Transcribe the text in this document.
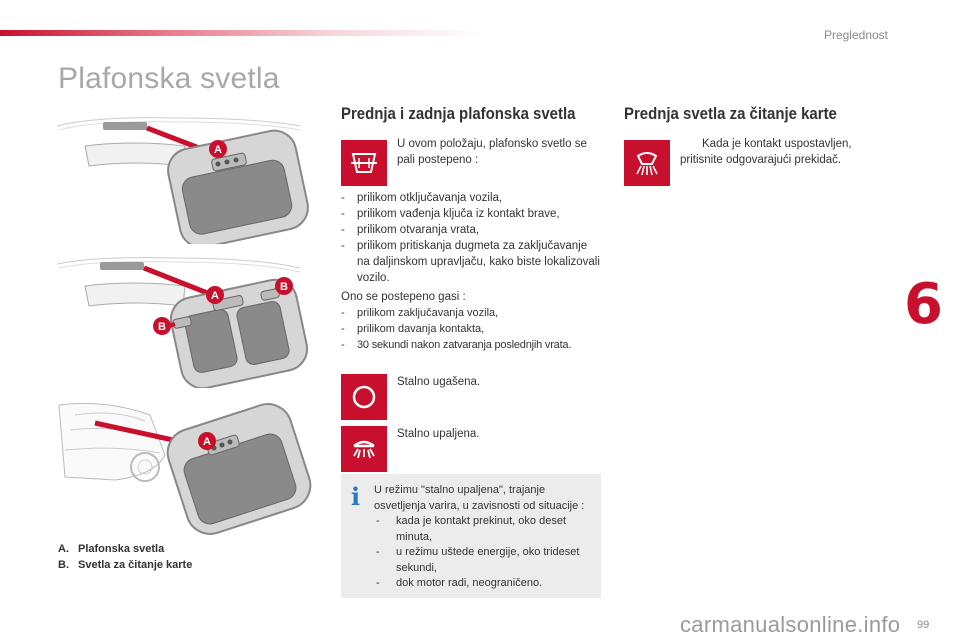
Preglednost
Plafonska svetla
A
A
B
B
A
A. Plafonska svetla
B. Svetla za čitanje karte
Prednja i zadnja plafonska svetla
U ovom položaju, plafonsko svetlo se pali postepeno :
- prilikom otključavanja vozila,
- prilikom vađenja ključa iz kontakt brave,
- prilikom otvaranja vrata,
- prilikom pritiskanja dugmeta za zaključavanje na daljinskom upravljaču, kako biste lokalizovali vozilo.
Ono se postepeno gasi :
- prilikom zaključavanja vozila,
- prilikom davanja kontakta,
- 30 sekundi nakon zatvaranja poslednjih vrata.
Stalno ugašena.
Stalno upaljena.
i U režimu "stalno upaljena", trajanje osvetljenja varira, u zavisnosti od situacije :
- kada je kontakt prekinut, oko deset minuta,
- u režimu uštede energije, oko trideset sekundi,
- dok motor radi, neograničeno.
Prednja svetla za čitanje karte
Kada je kontakt uspostavljen, pritisnite odgovarajući prekidač.
6
carmanualsonline.info 99
